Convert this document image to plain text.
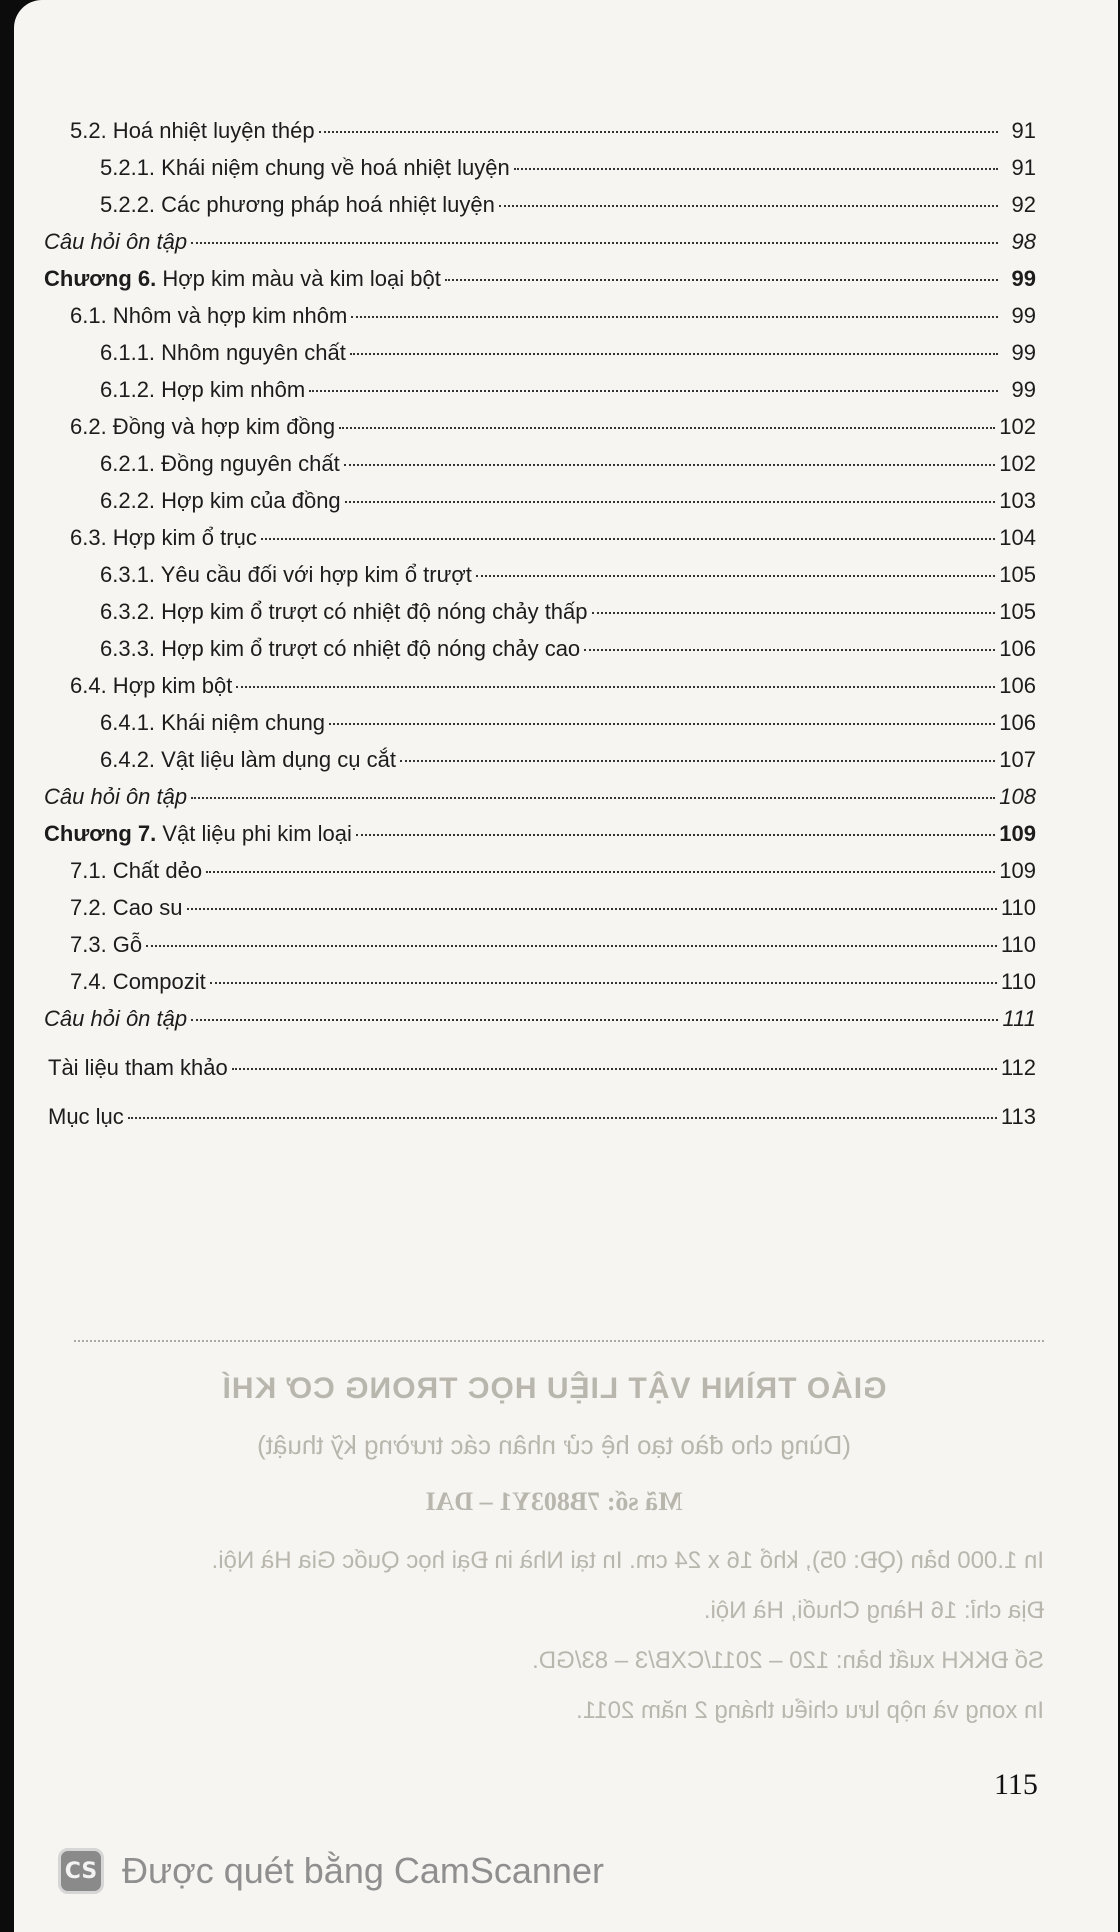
5.2. Hoá nhiệt luyện thép	91
5.2.1. Khái niệm chung về hoá nhiệt luyện	91
5.2.2. Các phương pháp hoá nhiệt luyện	92
Câu hỏi ôn tập	98
Chương 6. Hợp kim màu và kim loại bột	99
6.1. Nhôm và hợp kim nhôm	99
6.1.1. Nhôm nguyên chất	99
6.1.2. Hợp kim nhôm	99
6.2. Đồng và hợp kim đồng	102
6.2.1. Đồng nguyên chất	102
6.2.2. Hợp kim của đồng	103
6.3. Hợp kim ổ trục	104
6.3.1. Yêu cầu đối với hợp kim ổ trượt	105
6.3.2. Hợp kim ổ trượt có nhiệt độ nóng chảy thấp	105
6.3.3. Hợp kim ổ trượt có nhiệt độ nóng chảy cao	106
6.4. Hợp kim bột	106
6.4.1. Khái niệm chung	106
6.4.2. Vật liệu làm dụng cụ cắt	107
Câu hỏi ôn tập	108
Chương 7. Vật liệu phi kim loại	109
7.1. Chất dẻo	109
7.2. Cao su	110
7.3. Gỗ	110
7.4. Compozit	110
Câu hỏi ôn tập	111
Tài liệu tham khảo	112
Mục lục	113
GIÁO TRÌNH VẬT LIỆU HỌC TRONG CƠ KHÍ
(Dùng cho đào tạo hệ cử nhân các trường kỹ thuật)
Mã số: 7B803Y1 – DAI
In 1.000 bản (QĐ: 05), khổ 16 x 24 cm. In tại Nhà in Đại học Quốc Gia Hà Nội.
Địa chỉ: 16 Hàng Chuối, Hà Nội.
Số ĐKKH xuất bản: 120 – 2011/CXB/3 – 83/GD.
In xong và nộp lưu chiểu tháng 2 năm 2011.
115
CS Được quét bằng CamScanner
